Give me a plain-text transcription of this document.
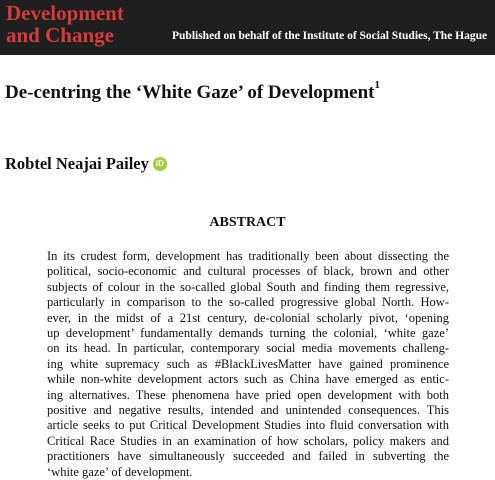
Development
and Change	Published on behalf of the Institute of Social Studies, The Hague
De-centring the ‘White Gaze’ of Development$^1$
Robtel Neajai Pailey iD
ABSTRACT
In its crudest form, development has traditionally been about dissecting the
political, socio-economic and cultural processes of black, brown and other
subjects of colour in the so-called global South and finding them regressive,
particularly in comparison to the so-called progressive global North. How-
ever, in the midst of a 21st century, de-colonial scholarly pivot, ‘opening
up development’ fundamentally demands turning the colonial, ‘white gaze’
on its head. In particular, contemporary social media movements challeng-
ing white supremacy such as #BlackLivesMatter have gained prominence
while non-white development actors such as China have emerged as entic-
ing alternatives. These phenomena have pried open development with both
positive and negative results, intended and unintended consequences. This
article seeks to put Critical Development Studies into fluid conversation with
Critical Race Studies in an examination of how scholars, policy makers and
practitioners have simultaneously succeeded and failed in subverting the
‘white gaze’ of development.
